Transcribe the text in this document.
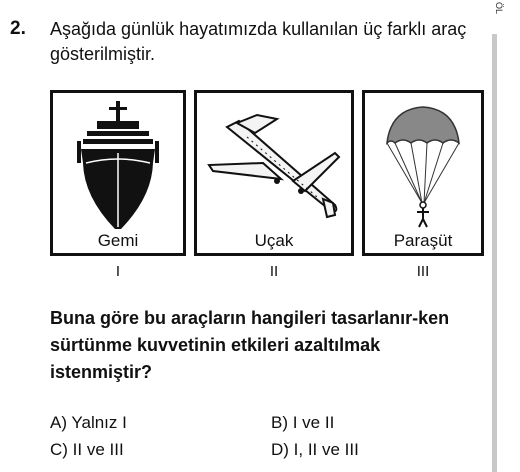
2. Aşağıda günlük hayatımızda kullanılan üç farklı araç gösterilmiştir.
ÖL
Gemi	Uçak	Paraşüt
I	II	III
Buna göre bu araçların hangileri tasarlanır-ken sürtünme kuvvetinin etkileri azaltılmak istenmiştir?
A) Yalnız I	B) I ve II
C) II ve III	D) I, II ve III
